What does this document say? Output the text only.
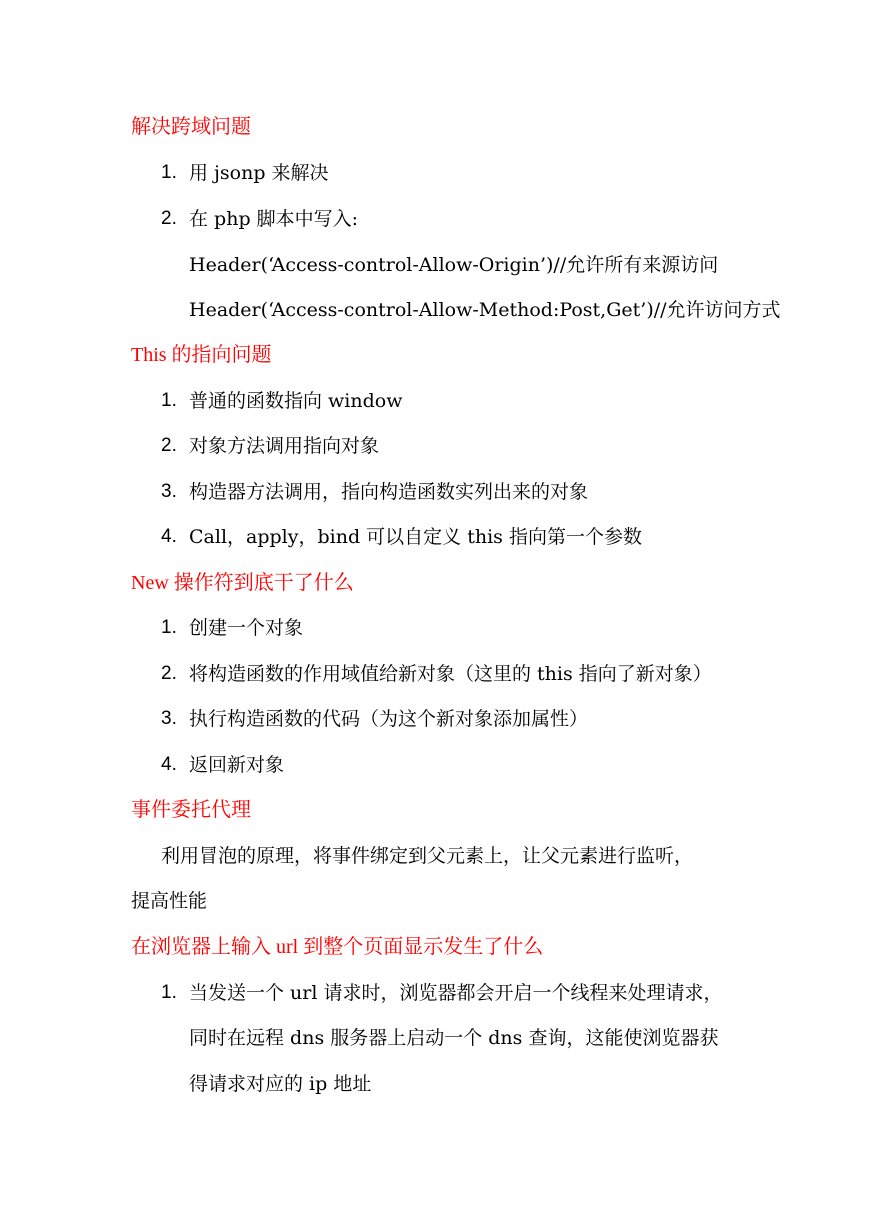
解决跨域问题
1. 用 jsonp 来解决
2. 在 php 脚本中写入:
Header(‘Access-control-Allow-Origin’)//允许所有来源访问
Header(‘Access-control-Allow-Method:Post,Get’)//允许访问方式
This 的指向问题
1. 普通的函数指向 window
2. 对象方法调用指向对象
3. 构造器方法调用，指向构造函数实列出来的对象
4. Call，apply，bind 可以自定义 this 指向第一个参数
New 操作符到底干了什么
1. 创建一个对象
2. 将构造函数的作用域值给新对象（这里的 this 指向了新对象）
3. 执行构造函数的代码（为这个新对象添加属性）
4. 返回新对象
事件委托代理
利用冒泡的原理，将事件绑定到父元素上，让父元素进行监听，
提高性能
在浏览器上输入 url 到整个页面显示发生了什么
1. 当发送一个 url 请求时，浏览器都会开启一个线程来处理请求，
同时在远程 dns 服务器上启动一个 dns 查询，这能使浏览器获
得请求对应的 ip 地址
